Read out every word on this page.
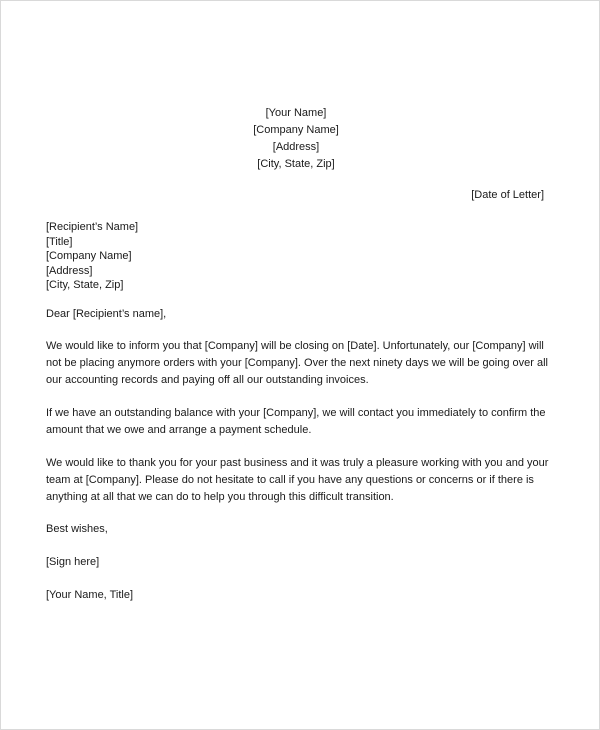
[Your Name]
[Company Name]
[Address]
[City, State, Zip]
[Date of Letter]
[Recipient’s Name]
[Title]
[Company Name]
[Address]
[City, State, Zip]
Dear [Recipient’s name],

We would like to inform you that [Company] will be closing on [Date]. Unfortunately, our [Company] will
not be placing anymore orders with your [Company]. Over the next ninety days we will be going over all
our accounting records and paying off all our outstanding invoices.

If we have an outstanding balance with your [Company], we will contact you immediately to confirm the
amount that we owe and arrange a payment schedule.

We would like to thank you for your past business and it was truly a pleasure working with you and your
team at [Company]. Please do not hesitate to call if you have any questions or concerns or if there is
anything at all that we can do to help you through this difficult transition.

Best wishes,
[Sign here]
[Your Name, Title]
